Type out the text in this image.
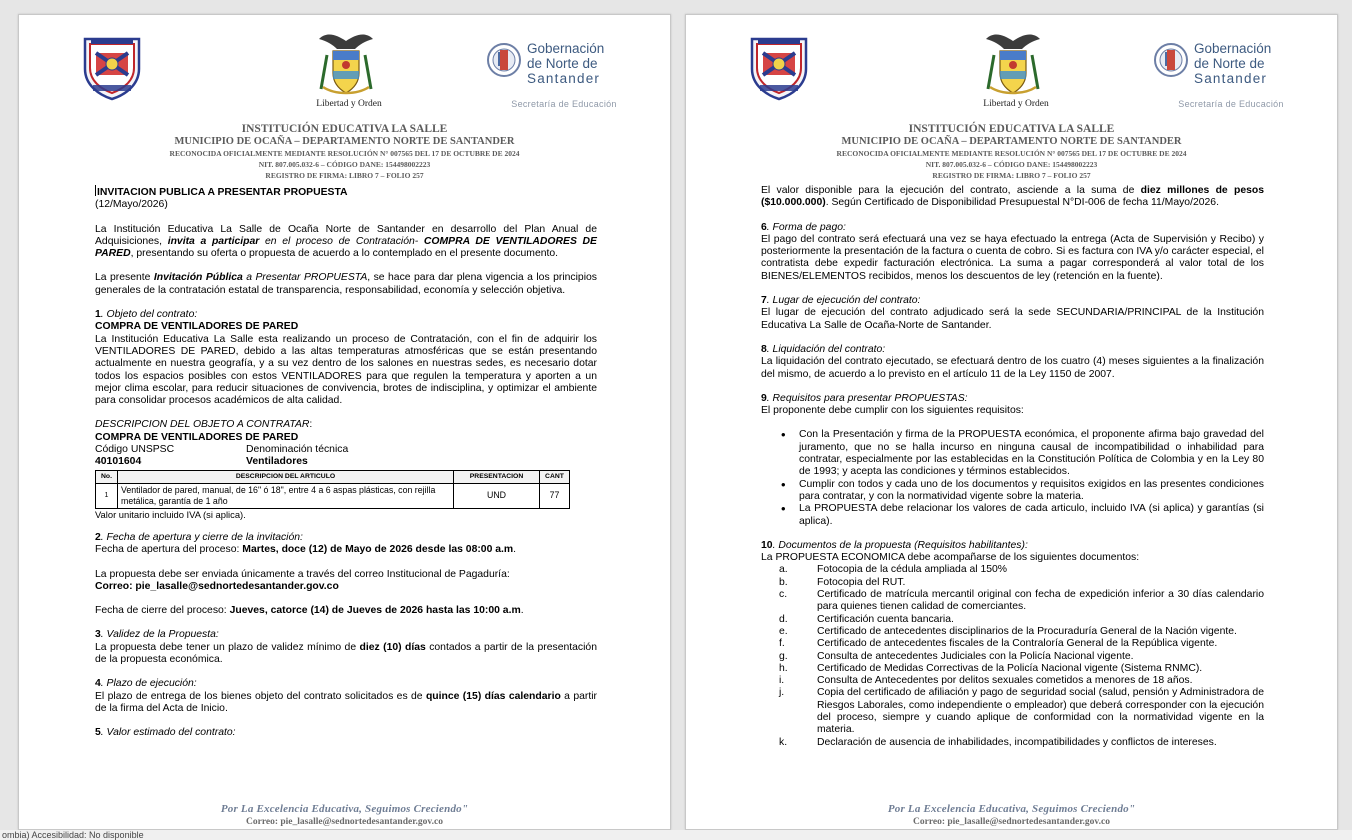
Libertad y Orden
Gobernación
de Norte de
Santander
Secretaría de Educación
INSTITUCIÓN EDUCATIVA LA SALLE
MUNICIPIO DE OCAÑA – DEPARTAMENTO NORTE DE SANTANDER
RECONOCIDA OFICIALMENTE MEDIANTE RESOLUCIÓN N° 007565 DEL 17 DE OCTUBRE DE 2024
NIT. 807.005.032-6 – CÓDIGO DANE: 154498002223
REGISTRO DE FIRMA: LIBRO 7 – FOLIO 257

INVITACION PUBLICA A PRESENTAR PROPUESTA

(12/Mayo/2026)

La Institución Educativa La Salle de Ocaña Norte de Santander en desarrollo del Plan Anual de Adquisiciones, invita a participar en el proceso de Contratación- COMPRA DE VENTILADORES DE PARED, presentando su oferta o propuesta de acuerdo a lo contemplado en el presente documento.

La presente Invitación Pública a Presentar PROPUESTA, se hace para dar plena vigencia a los principios generales de la contratación estatal de transparencia, responsabilidad, economía y selección objetiva.

1. Objeto del contrato:

COMPRA DE VENTILADORES DE PARED

La Institución Educativa La Salle esta realizando un proceso de Contratación, con el fin de adquirir los VENTILADORES DE PARED, debido a las altas temperaturas atmosféricas que se están presentando actualmente en nuestra geografía, y a su vez dentro de los salones en nuestras sedes, es necesario dotar todos los espacios posibles con estos VENTILADORES para que regulen la temperatura y aporten a un mejor clima escolar, para reducir situaciones de convivencia, brotes de indisciplina, y optimizar el ambiente para consolidar procesos académicos de alta calidad.

DESCRIPCION DEL OBJETO A CONTRATAR:

COMPRA DE VENTILADORES DE PARED

Código UNSPSC	Denominación técnica
40101604	Ventiladores
No.	DESCRIPCION DEL ARTICULO	PRESENTACION	CANT
1	Ventilador de pared, manual, de 16" ó 18", entre 4 a 6 aspas plásticas, con rejilla metálica, garantía de 1 año	UND	77

Valor unitario incluido IVA (si aplica).

2. Fecha de apertura y cierre de la invitación:

Fecha de apertura del proceso: Martes, doce (12) de Mayo de 2026 desde las 08:00 a.m.

La propuesta debe ser enviada únicamente a través del correo Institucional de Pagaduría:

Correo: pie_lasalle@sednortedesantander.gov.co

Fecha de cierre del proceso: Jueves, catorce (14) de Jueves de 2026 hasta las 10:00 a.m.

3. Validez de la Propuesta:

La propuesta debe tener un plazo de validez mínimo de diez (10) días contados a partir de la presentación de la propuesta económica.

4. Plazo de ejecución:

El plazo de entrega de los bienes objeto del contrato solicitados es de quince (15) días calendario a partir de la firma del Acta de Inicio.

5. Valor estimado del contrato:

Por La Excelencia Educativa, Seguimos Creciendo"
Correo: pie_lasalle@sednortedesantander.gov.co
Libertad y Orden
Gobernación
de Norte de
Santander
Secretaría de Educación
INSTITUCIÓN EDUCATIVA LA SALLE
MUNICIPIO DE OCAÑA – DEPARTAMENTO NORTE DE SANTANDER
RECONOCIDA OFICIALMENTE MEDIANTE RESOLUCIÓN N° 007565 DEL 17 DE OCTUBRE DE 2024
NIT. 807.005.032-6 – CÓDIGO DANE: 154498002223
REGISTRO DE FIRMA: LIBRO 7 – FOLIO 257

El valor disponible para la ejecución del contrato, asciende a la suma de diez millones de pesos ($10.000.000). Según Certificado de Disponibilidad Presupuestal N°DI-006 de fecha 11/Mayo/2026.

6. Forma de pago:

El pago del contrato será efectuará una vez se haya efectuado la entrega (Acta de Supervisión y Recibo) y posteriormente la presentación de la factura o cuenta de cobro. Si es factura con IVA y/o carácter especial, el contratista debe expedir facturación electrónica. La suma a pagar corresponderá al valor total de los BIENES/ELEMENTOS recibidos, menos los descuentos de ley (retención en la fuente).

7. Lugar de ejecución del contrato:

El lugar de ejecución del contrato adjudicado será la sede SECUNDARIA/PRINCIPAL de la Institución Educativa La Salle de Ocaña-Norte de Santander.

8. Liquidación del contrato:

La liquidación del contrato ejecutado, se efectuará dentro de los cuatro (4) meses siguientes a la finalización del mismo, de acuerdo a lo previsto en el artículo 11 de la Ley 1150 de 2007.

9. Requisitos para presentar PROPUESTAS:

El proponente debe cumplir con los siguientes requisitos:

• Con la Presentación y firma de la PROPUESTA económica, el proponente afirma bajo gravedad del juramento, que no se halla incurso en ninguna causal de incompatibilidad o inhabilidad para contratar, especialmente por las establecidas en la Constitución Política de Colombia y en la Ley 80 de 1993; y acepta las condiciones y términos establecidos.
• Cumplir con todos y cada uno de los documentos y requisitos exigidos en las presentes condiciones para contratar, y con la normatividad vigente sobre la materia.
• La PROPUESTA debe relacionar los valores de cada articulo, incluido IVA (si aplica) y garantías (si aplica).

10. Documentos de la propuesta (Requisitos habilitantes):

La PROPUESTA ECONOMICA debe acompañarse de los siguientes documentos:

a.	Fotocopia de la cédula ampliada al 150%
b.	Fotocopia del RUT.
c.	Certificado de matrícula mercantil original con fecha de expedición inferior a 30 días calendario para quienes tienen calidad de comerciantes.
d.	Certificación cuenta bancaria.
e.	Certificado de antecedentes disciplinarios de la Procuraduría General de la Nación vigente.
f.	Certificado de antecedentes fiscales de la Contraloría General de la República vigente.
g.	Consulta de antecedentes Judiciales con la Policía Nacional vigente.
h.	Certificado de Medidas Correctivas de la Policía Nacional vigente (Sistema RNMC).
i.	Consulta de Antecedentes por delitos sexuales cometidos a menores de 18 años.
j.	Copia del certificado de afiliación y pago de seguridad social (salud, pensión y Administradora de Riesgos Laborales, como independiente o empleador) que deberá corresponder con la ejecución del proceso, siempre y cuando aplique de conformidad con la normatividad vigente en la materia.
k.	Declaración de ausencia de inhabilidades, incompatibilidades y conflictos de intereses.
Por La Excelencia Educativa, Seguimos Creciendo"
Correo: pie_lasalle@sednortedesantander.gov.co
ombia) Accesibilidad: No disponible
